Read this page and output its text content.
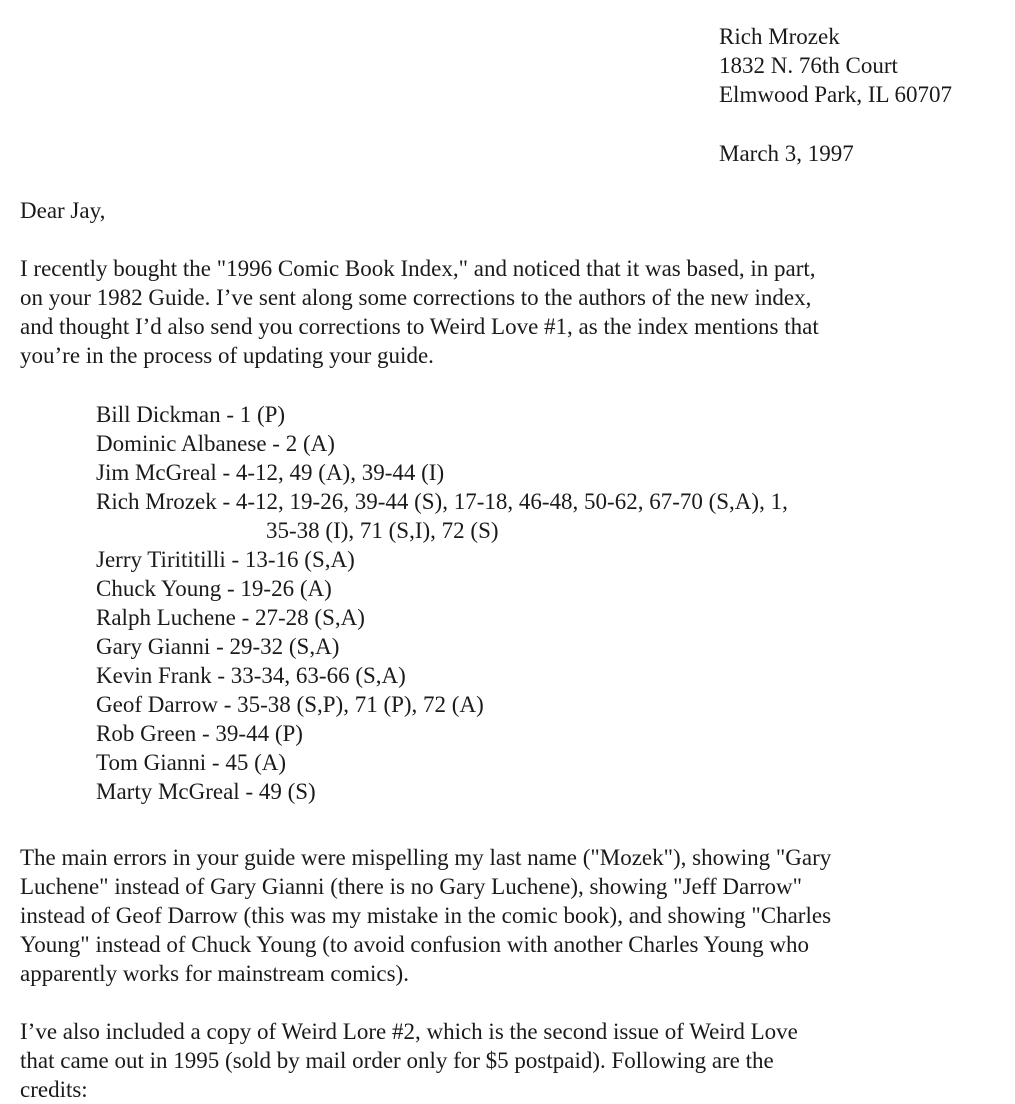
Rich Mrozek
1832 N. 76th Court
Elmwood Park, IL 60707
March 3, 1997
Dear Jay,
I recently bought the "1996 Comic Book Index," and noticed that it was based, in part,
on your 1982 Guide. I’ve sent along some corrections to the authors of the new index,
and thought I’d also send you corrections to Weird Love #1, as the index mentions that
you’re in the process of updating your guide.
Bill Dickman - 1 (P)
Dominic Albanese - 2 (A)
Jim McGreal - 4-12, 49 (A), 39-44 (I)
Rich Mrozek - 4-12, 19-26, 39-44 (S), 17-18, 46-48, 50-62, 67-70 (S,A), 1,
35-38 (I), 71 (S,I), 72 (S)
Jerry Tirititilli - 13-16 (S,A)
Chuck Young - 19-26 (A)
Ralph Luchene - 27-28 (S,A)
Gary Gianni - 29-32 (S,A)
Kevin Frank - 33-34, 63-66 (S,A)
Geof Darrow - 35-38 (S,P), 71 (P), 72 (A)
Rob Green - 39-44 (P)
Tom Gianni - 45 (A)
Marty McGreal - 49 (S)
The main errors in your guide were mispelling my last name ("Mozek"), showing "Gary
Luchene" instead of Gary Gianni (there is no Gary Luchene), showing "Jeff Darrow"
instead of Geof Darrow (this was my mistake in the comic book), and showing "Charles
Young" instead of Chuck Young (to avoid confusion with another Charles Young who
apparently works for mainstream comics).
I’ve also included a copy of Weird Lore #2, which is the second issue of Weird Love
that came out in 1995 (sold by mail order only for $5 postpaid). Following are the
credits:
